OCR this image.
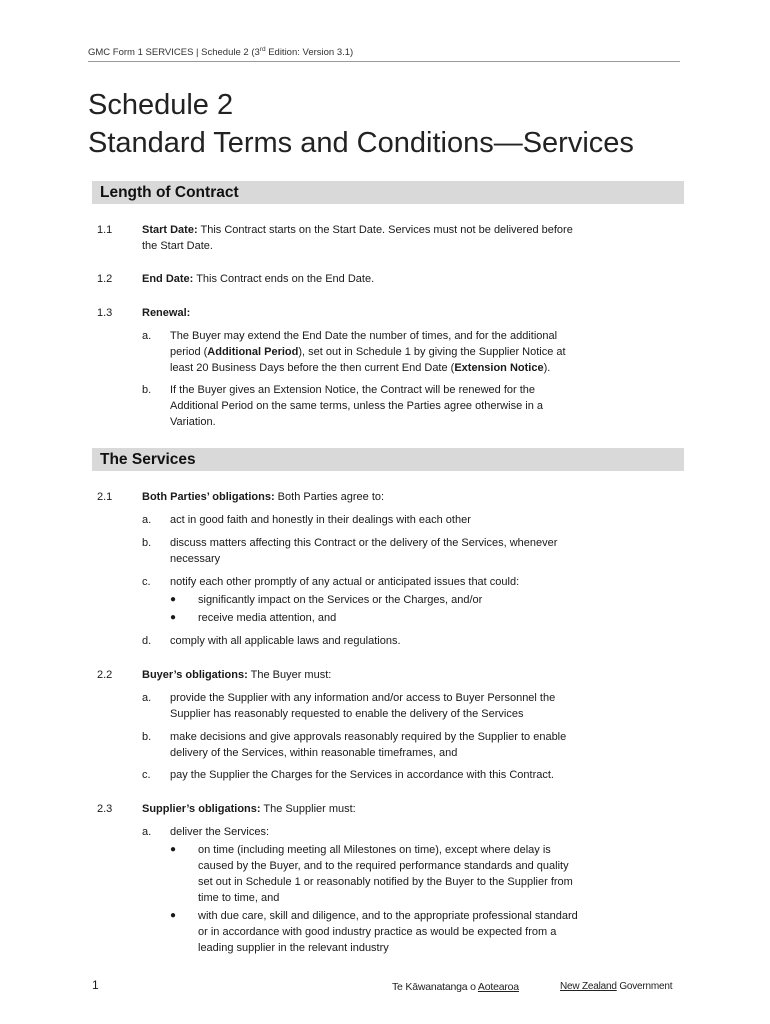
GMC Form 1 SERVICES | Schedule 2 (3rd Edition: Version 3.1)
Schedule 2
Standard Terms and Conditions—Services
Length of Contract
1.1	Start Date: This Contract starts on the Start Date. Services must not be delivered before
the Start Date.
1.2	End Date: This Contract ends on the End Date.
1.3	Renewal:
a. The Buyer may extend the End Date the number of times, and for the additional
period (Additional Period), set out in Schedule 1 by giving the Supplier Notice at
least 20 Business Days before the then current End Date (Extension Notice).
b. If the Buyer gives an Extension Notice, the Contract will be renewed for the
Additional Period on the same terms, unless the Parties agree otherwise in a
Variation.
The Services
2.1	Both Parties’ obligations: Both Parties agree to:
a. act in good faith and honestly in their dealings with each other
b. discuss matters affecting this Contract or the delivery of the Services, whenever
necessary
c. notify each other promptly of any actual or anticipated issues that could:
● significantly impact on the Services or the Charges, and/or
● receive media attention, and
d. comply with all applicable laws and regulations.
2.2	Buyer’s obligations: The Buyer must:
a. provide the Supplier with any information and/or access to Buyer Personnel the
Supplier has reasonably requested to enable the delivery of the Services
b. make decisions and give approvals reasonably required by the Supplier to enable
delivery of the Services, within reasonable timeframes, and
c. pay the Supplier the Charges for the Services in accordance with this Contract.
2.3	Supplier’s obligations: The Supplier must:
a. deliver the Services:
● on time (including meeting all Milestones on time), except where delay is
caused by the Buyer, and to the required performance standards and quality
set out in Schedule 1 or reasonably notified by the Buyer to the Supplier from
time to time, and
● with due care, skill and diligence, and to the appropriate professional standard
or in accordance with good industry practice as would be expected from a
leading supplier in the relevant industry
1	Te Kāwanatanga o Aotearoa	New Zealand Government
